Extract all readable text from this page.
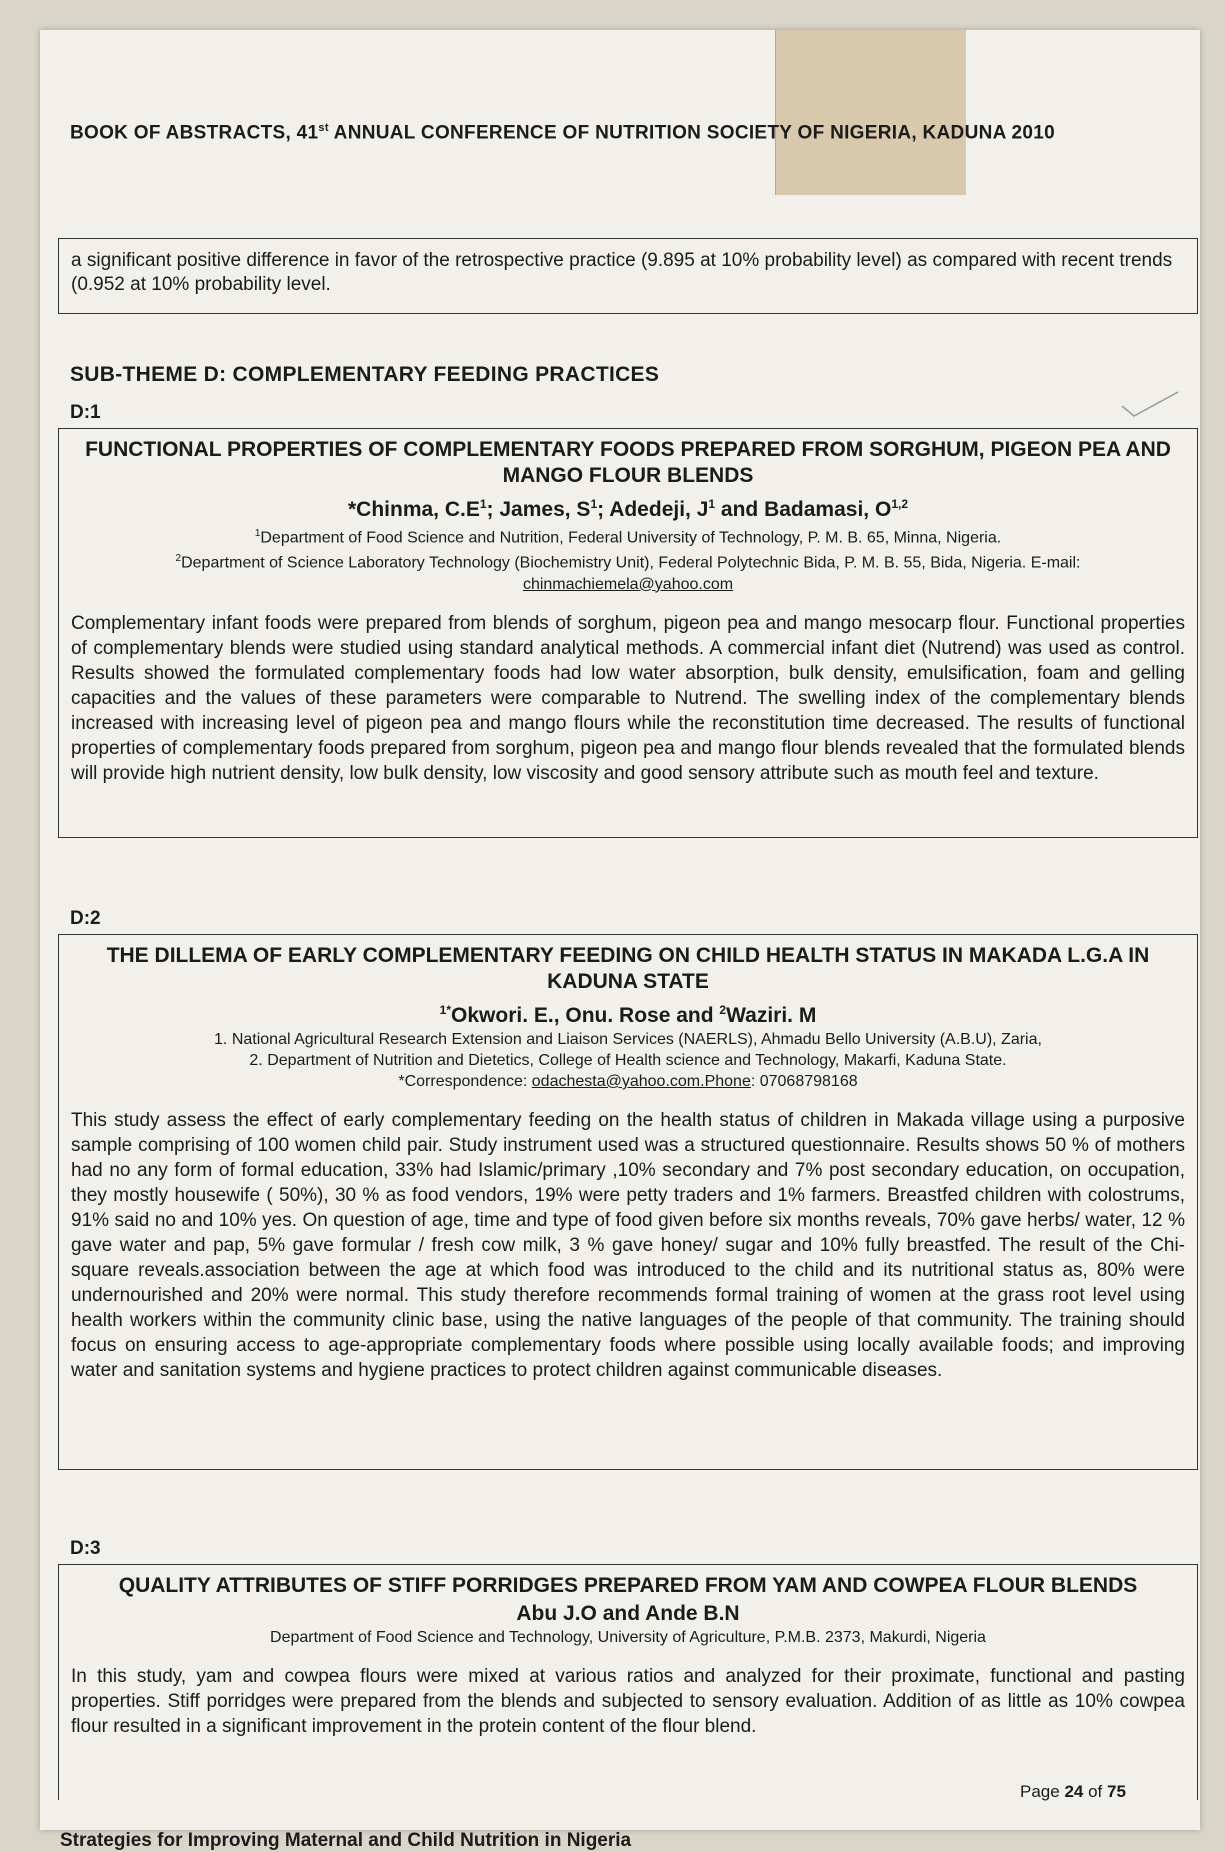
BOOK OF ABSTRACTS, 41st ANNUAL CONFERENCE OF NUTRITION SOCIETY OF NIGERIA, KADUNA 2010

a significant positive difference in favor of the retrospective practice (9.895 at 10% probability level) as compared with recent trends (0.952 at 10% probability level.

SUB-THEME D: COMPLEMENTARY FEEDING PRACTICES
D:1
FUNCTIONAL PROPERTIES OF COMPLEMENTARY FOODS PREPARED FROM SORGHUM, PIGEON PEA AND MANGO FLOUR BLENDS
*Chinma, $C.E^1$; James, $S^1$; Adedeji, $J^1$ and Badamasi, O$^{1,2}$
$^1$Department of Food Science and Nutrition, Federal University of Technology, P. M. B. 65, Minna, Nigeria.
$^2$Department of Science Laboratory Technology (Biochemistry Unit), Federal Polytechnic Bida, P. M. B. 55, Bida, Nigeria. E-mail: chinmachiemela@yahoo.com
Complementary infant foods were prepared from blends of sorghum, pigeon pea and mango mesocarp flour. Functional properties of complementary blends were studied using standard analytical methods. A commercial infant diet (Nutrend) was used as control. Results showed the formulated complementary foods had low water absorption, bulk density, emulsification, foam and gelling capacities and the values of these parameters were comparable to Nutrend. The swelling index of the complementary blends increased with increasing level of pigeon pea and mango flours while the reconstitution time decreased. The results of functional properties of complementary foods prepared from sorghum, pigeon pea and mango flour blends revealed that the formulated blends will provide high nutrient density, low bulk density, low viscosity and good sensory attribute such as mouth feel and texture.
D:2
THE DILLEMA OF EARLY COMPLEMENTARY FEEDING ON CHILD HEALTH STATUS IN MAKADA L.G.A IN KADUNA STATE
$^{1*}$Okwori. E., Onu. Rose and $^2$Waziri. M
1. National Agricultural Research Extension and Liaison Services (NAERLS), Ahmadu Bello University (A.B.U), Zaria,
2. Department of Nutrition and Dietetics, College of Health science and Technology, Makarfi, Kaduna State.
*Correspondence: odachesta@yahoo.com.Phone: 07068798168
This study assess the effect of early complementary feeding on the health status of children in Makada village using a purposive sample comprising of 100 women child pair. Study instrument used was a structured questionnaire. Results shows 50 % of mothers had no any form of formal education, 33% had Islamic/primary ,10% secondary and 7% post secondary education, on occupation, they mostly housewife ( 50%), 30 % as food vendors, 19% were petty traders and 1% farmers. Breastfed children with colostrums, 91% said no and 10% yes. On question of age, time and type of food given before six months reveals, 70% gave herbs/ water, 12 % gave water and pap, 5% gave formular / fresh cow milk, 3 % gave honey/ sugar and 10% fully breastfed. The result of the Chi- square reveals.association between the age at which food was introduced to the child and its nutritional status as, 80% were undernourished and 20% were normal. This study therefore recommends formal training of women at the grass root level using health workers within the community clinic base, using the native languages of the people of that community. The training should focus on ensuring access to age-appropriate complementary foods where possible using locally available foods; and improving water and sanitation systems and hygiene practices to protect children against communicable diseases.
D:3
QUALITY ATTRIBUTES OF STIFF PORRIDGES PREPARED FROM YAM AND COWPEA FLOUR BLENDS
Abu J.O and Ande B.N
Department of Food Science and Technology, University of Agriculture, P.M.B. 2373, Makurdi, Nigeria
In this study, yam and cowpea flours were mixed at various ratios and analyzed for their proximate, functional and pasting properties. Stiff porridges were prepared from the blends and subjected to sensory evaluation. Addition of as little as 10% cowpea flour resulted in a significant improvement in the protein content of the flour blend.
Page 24 of 75
Strategies for Improving Maternal and Child Nutrition in Nigeria
